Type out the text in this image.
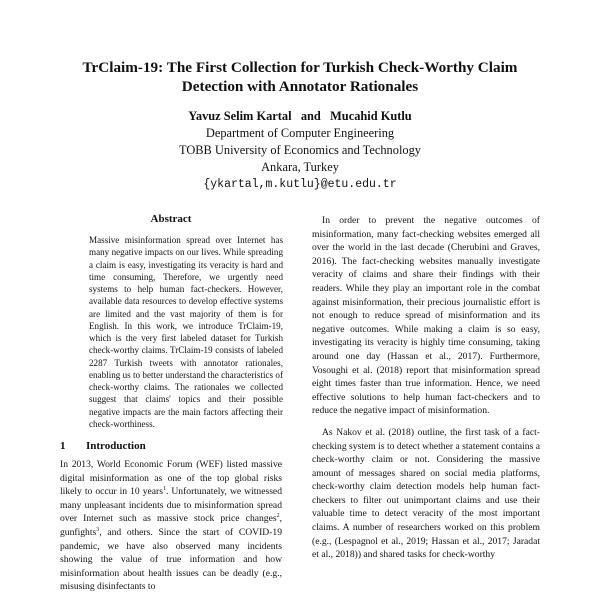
TrClaim-19: The First Collection for Turkish Check-Worthy Claim
Detection with Annotator Rationales
Yavuz Selim Kartal   and   Mucahid Kutlu
Department of Computer Engineering
TOBB University of Economics and Technology
Ankara, Turkey
{ykartal,m.kutlu}@etu.edu.tr
Abstract

Massive misinformation spread over Internet has many negative impacts on our lives. While spreading a claim is easy, investigating its veracity is hard and time consuming, Therefore, we urgently need systems to help human fact-checkers. However, available data resources to develop effective systems are limited and the vast majority of them is for English. In this work, we introduce TrClaim-19, which is the very first labeled dataset for Turkish check-worthy claims. TrClaim-19 consists of labeled 2287 Turkish tweets with annotator rationales, enabling us to better understand the characteristics of check-worthy claims. The rationales we collected suggest that claims' topics and their possible negative impacts are the main factors affecting their check-worthiness.

1 Introduction

In 2013, World Economic Forum (WEF) listed massive digital misinformation as one of the top global risks likely to occur in 10 years$^1$. Unfortunately, we witnessed many unpleasant incidents due to misinformation spread over Internet such as massive stock price changes$^2$, gunfights$^3$, and others. Since the start of COVID-19 pandemic, we have also observed many incidents showing the value of true information and how misinformation about health issues can be deadly (e.g., misusing disinfectants to

In order to prevent the negative outcomes of misinformation, many fact-checking websites emerged all over the world in the last decade (Cherubini and Graves, 2016). The fact-checking websites manually investigate veracity of claims and share their findings with their readers. While they play an important role in the combat against misinformation, their precious journalistic effort is not enough to reduce spread of misinformation and its negative outcomes. While making a claim is so easy, investigating its veracity is highly time consuming, taking around one day (Hassan et al., 2017). Furthermore, Vosoughi et al. (2018) report that misinformation spread eight times faster than true information. Hence, we need effective solutions to help human fact-checkers and to reduce the negative impact of misinformation.

As Nakov et al. (2018) outline, the first task of a fact-checking system is to detect whether a statement contains a check-worthy claim or not. Considering the massive amount of messages shared on social media platforms, check-worthy claim detection models help human fact-checkers to filter out unimportant claims and use their valuable time to detect veracity of the most important claims. A number of researchers worked on this problem (e.g., (Lespagnol et al., 2019; Hassan et al., 2017; Jaradat et al., 2018)) and shared tasks for check-worthy
